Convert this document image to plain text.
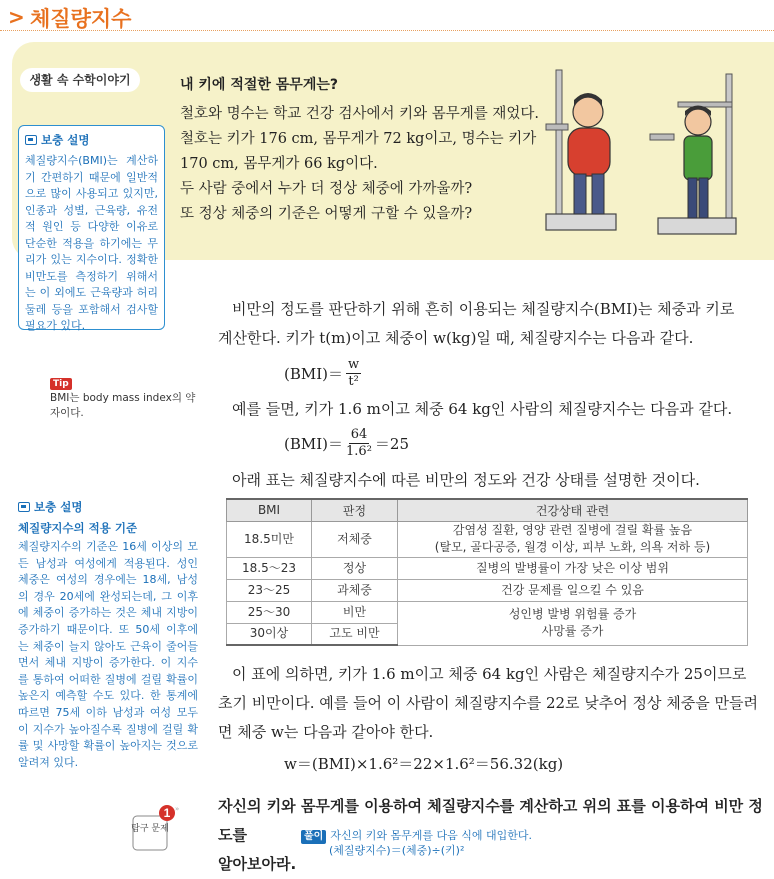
> 체질량지수
생활 속 수학이야기	내 키에 적절한 몸무게는?

철호와 명수는 학교 건강 검사에서 키와 몸무게를 재었다.

철호는 키가 176 cm, 몸무게가 72 kg이고, 명수는 키가

170 cm, 몸무게가 66 kg이다.

두 사람 중에서 누가 더 정상 체중에 가까울까?

또 정상 체중의 기준은 어떻게 구할 수 있을까?

보충 설명
체질량지수(BMI)는 계산하기 간편하기 때문에 일반적으로 많이 사용되고 있지만, 인종과 성별, 근육량, 유전적 원인 등 다양한 이유로 단순한 적용을 하기에는 무리가 있는 지수이다. 정확한 비만도를 측정하기 위해서는 이 외에도 근육량과 허리둘레 등을 포함해서 검사할 필요가 있다.
Tip
BMI는 body mass index의 약자이다.
보충 설명
체질량지수의 적용 기준
체질량지수의 기준은 16세 이상의 모든 남성과 여성에게 적용된다. 성인 체중은 여성의 경우에는 18세, 남성의 경우 20세에 완성되는데, 그 이후에 체중이 증가하는 것은 체내 지방이 증가하기 때문이다. 또 50세 이후에는 체중이 늘지 않아도 근육이 줄어들면서 체내 지방이 증가한다. 이 지수를 통하여 어떠한 질병에 걸릴 확률이 높은지 예측할 수도 있다. 한 통계에 따르면 75세 이하 남성과 여성 모두 이 지수가 높아질수록 질병에 걸릴 확률 및 사망할 확률이 높아지는 것으로 알려져 있다.
비만의 정도를 판단하기 위해 흔히 이용되는 체질량지수(BMI)는 체중과 키로
계산한다. 키가 t(m)이고 체중이 w(kg)일 때, 체질량지수는 다음과 같다.
$(BMI)= \frac{w}{\text{t²}}$
예를 들면, 키가 1.6 m이고 체중 64 kg인 사람의 체질량지수는 다음과 같다.
$(BMI)= \frac{64}{\text{1.6²}} =25$
아래 표는 체질량지수에 따른 비만의 정도와 건강 상태를 설명한 것이다.
BMI	판정	건강상태 관련
18.5미만	저체중	감염성 질환, 영양 관련 질병에 걸릴 확률 높음
(탈모, 골다공증, 월경 이상, 피부 노화, 의욕 저하 등)

18.5～23	정상	질병의 발병률이 가장 낮은 이상 범위
23～25	과체중	건강 문제를 일으킬 수 있음
25～30	비만	성인병 발병 위험률 증가
사망률 증가

30이상	고도 비만	
이 표에 의하면, 키가 1.6 m이고 체중 64 kg인 사람은 체질량지수가 25이므로
초기 비만이다. 예를 들어 이 사람이 체질량지수를 22로 낮추어 정상 체중을 만들려
면 체중 w는 다음과 같아야 한다.
w＝(BMI)×1.6²＝22×1.6²＝56.32(kg)
1
탐구 문제
»	자신의 키와 몸무게를 이용하여 체질량지수를 계산하고 위의 표를 이용하여 비만 정도를
알아보아라.
풀이 자신의 키와 몸무게를 다음 식에 대입한다.
(체질량지수)＝(체중)÷(키)²
